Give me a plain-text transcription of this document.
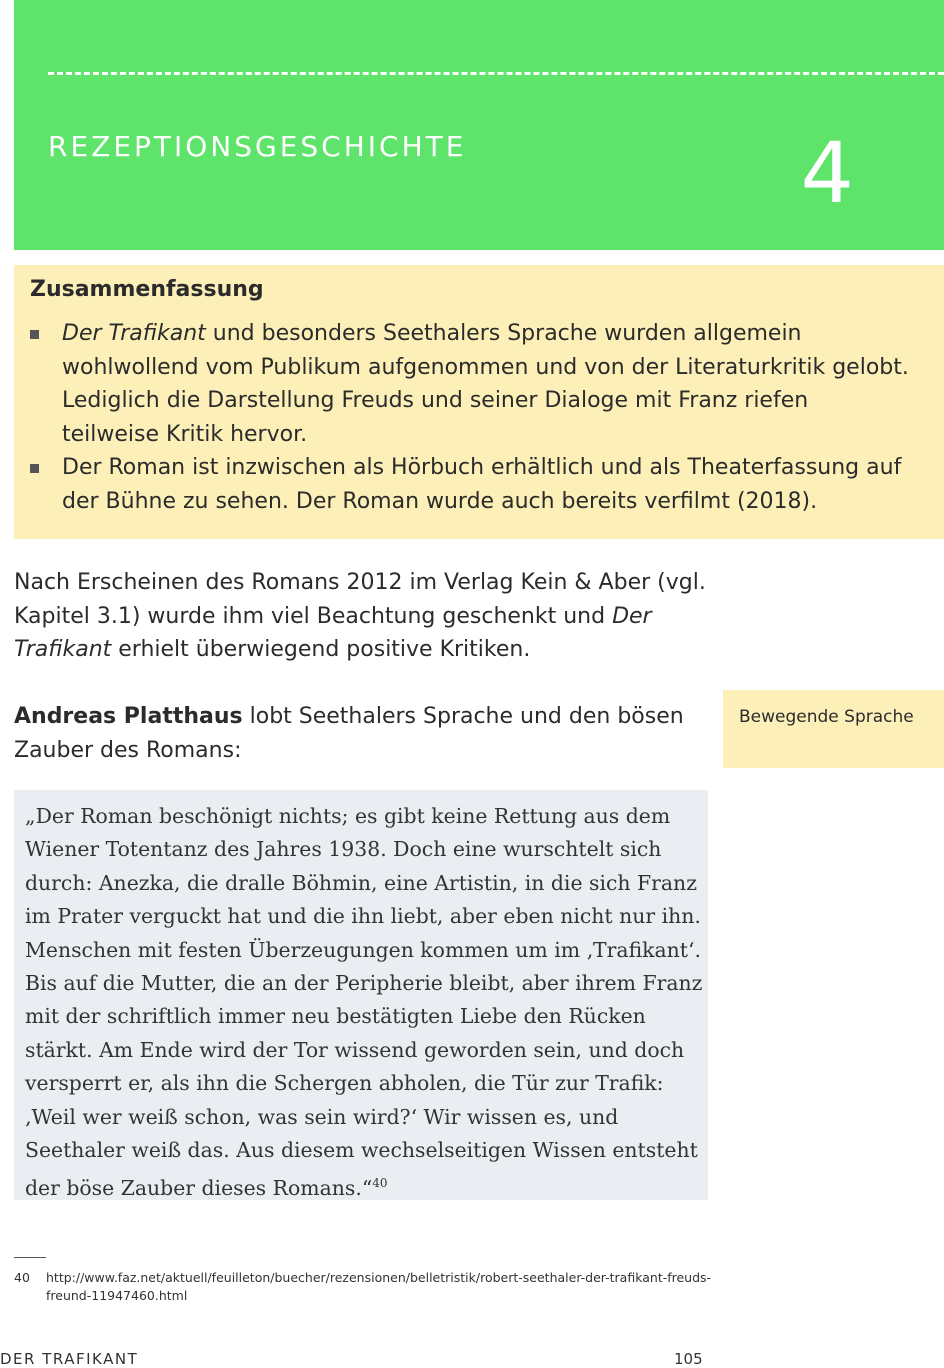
REZEPTIONSGESCHICHTE	4
Zusammenfassung
Der Trafikant und besonders Seethalers Sprache wurden allgemein wohlwollend vom Publikum aufgenommen und von der Literaturkritik gelobt. Lediglich die Darstellung Freuds und seiner Dialoge mit Franz riefen teilweise Kritik hervor.
Der Roman ist inzwischen als Hörbuch erhältlich und als Theaterfassung auf der Bühne zu sehen. Der Roman wurde auch bereits verfilmt (2018).

Nach Erscheinen des Romans 2012 im Verlag Kein & Aber (vgl. Kapitel 3.1) wurde ihm viel Beachtung geschenkt und Der Trafikant erhielt überwiegend positive Kritiken.

Andreas Platthaus lobt Seethalers Sprache und den bösen Zauber des Romans:

Bewegende Sprache

„Der Roman beschönigt nichts; es gibt keine Rettung aus dem Wiener Totentanz des Jahres 1938. Doch eine wurschtelt sich durch: Anezka, die dralle Böhmin, eine Artistin, in die sich Franz im Prater verguckt hat und die ihn liebt, aber eben nicht nur ihn. Menschen mit festen Überzeugungen kommen um im ‚Trafikant‘. Bis auf die Mutter, die an der Peripherie bleibt, aber ihrem Franz mit der schriftlich immer neu bestätigten Liebe den Rücken stärkt. Am Ende wird der Tor wissend geworden sein, und doch versperrt er, als ihn die Schergen abholen, die Tür zur Trafik: ‚Weil wer weiß schon, was sein wird?‘ Wir wissen es, und Seethaler weiß das. Aus diesem wechselseitigen Wissen entsteht der böse Zauber dieses Romans.“$^{40}$

40 http://www.faz.net/aktuell/feuilleton/buecher/rezensionen/belletristik/robert-seethaler-der-trafikant-freuds-freund-11947460.html
DER TRAFIKANT	105
